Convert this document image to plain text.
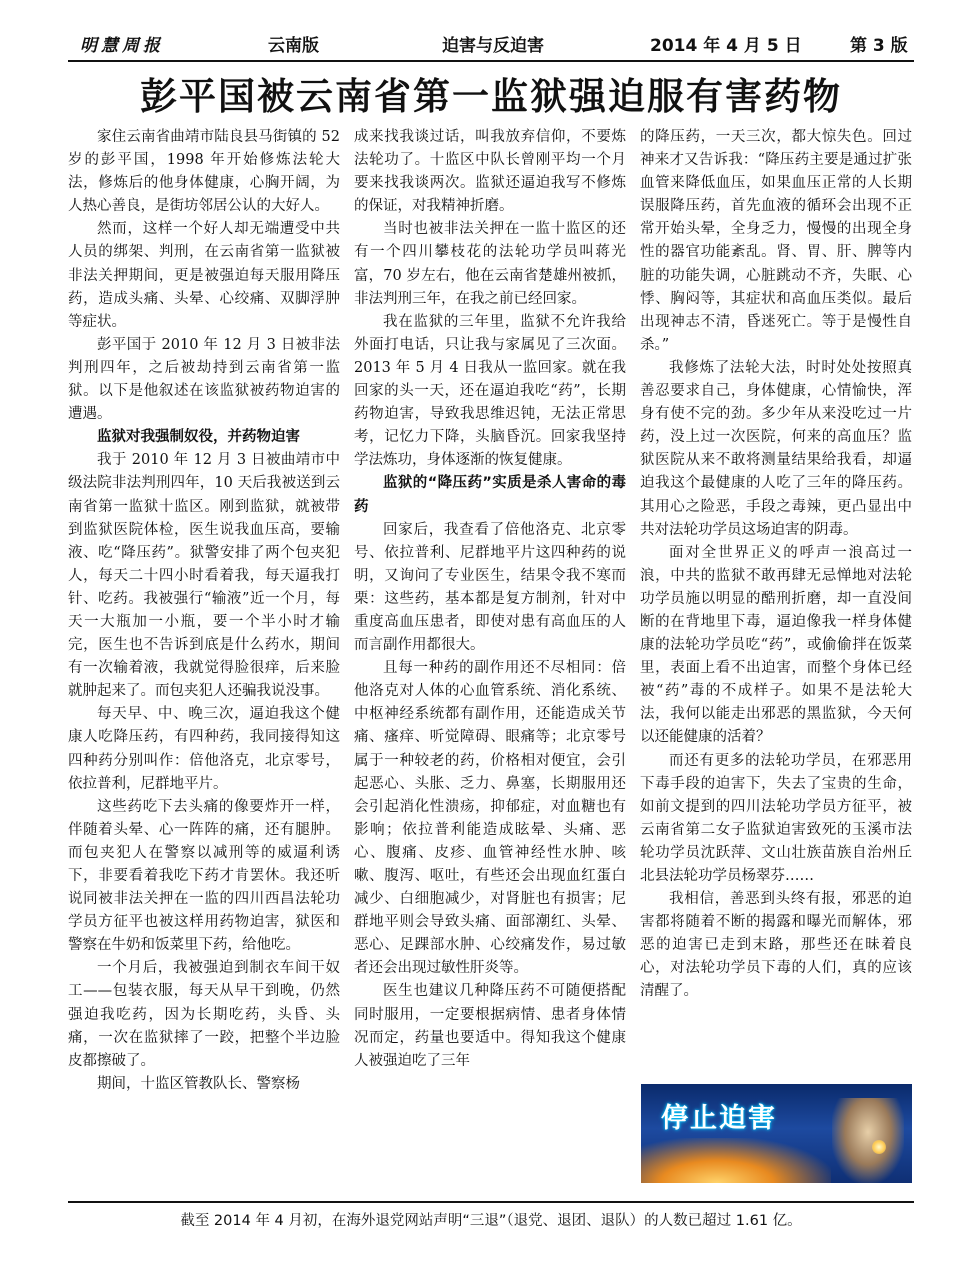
明慧周报	云南版	迫害与反迫害	2014 年 4 月 5 日	第 3 版
彭平国被云南省第一监狱强迫服有害药物

家住云南省曲靖市陆良县马街镇的 52 岁的彭平国，1998 年开始修炼法轮大法，修炼后的他身体健康，心胸开阔，为人热心善良，是街坊邻居公认的大好人。

然而，这样一个好人却无端遭受中共人员的绑架、判刑，在云南省第一监狱被非法关押期间，更是被强迫每天服用降压药，造成头痛、头晕、心绞痛、双脚浮肿等症状。

彭平国于 2010 年 12 月 3 日被非法判刑四年，之后被劫持到云南省第一监狱。以下是他叙述在该监狱被药物迫害的遭遇。

监狱对我强制奴役，并药物迫害

我于 2010 年 12 月 3 日被曲靖市中级法院非法判刑四年，10 天后我被送到云南省第一监狱十监区。刚到监狱，就被带到监狱医院体检，医生说我血压高，要输液、吃“降压药”。狱警安排了两个包夹犯人，每天二十四小时看着我，每天逼我打针、吃药。我被强行“输液”近一个月，每天一大瓶加一小瓶，要一个半小时才输完，医生也不告诉到底是什么药水，期间有一次输着液，我就觉得脸很痒，后来脸就肿起来了。而包夹犯人还骗我说没事。

每天早、中、晚三次，逼迫我这个健康人吃降压药，有四种药，我同接得知这四种药分别叫作：倍他洛克，北京零号，依拉普利，尼群地平片。

这些药吃下去头痛的像要炸开一样，伴随着头晕、心一阵阵的痛，还有腿肿。而包夹犯人在警察以减刑等的威逼利诱下，非要看着我吃下药才肯罢休。我还听说同被非法关押在一监的四川西昌法轮功学员方征平也被这样用药物迫害，狱医和警察在牛奶和饭菜里下药，给他吃。

一个月后，我被强迫到制衣车间干奴工——包装衣服，每天从早干到晚，仍然强迫我吃药，因为长期吃药，头昏、头痛，一次在监狱摔了一跤，把整个半边脸皮都擦破了。

期间，十监区管教队长、警察杨

成来找我谈过话，叫我放弃信仰，不要炼法轮功了。十监区中队长曾刚平均一个月要来找我谈两次。监狱还逼迫我写不修炼的保证，对我精神折磨。

当时也被非法关押在一监十监区的还有一个四川攀枝花的法轮功学员叫蒋光富，70 岁左右，他在云南省楚雄州被抓，非法判刑三年，在我之前已经回家。

我在监狱的三年里，监狱不允许我给外面打电话，只让我与家属见了三次面。2013 年 5 月 4 日我从一监回家。就在我回家的头一天，还在逼迫我吃“药”，长期药物迫害，导致我思维迟钝，无法正常思考，记忆力下降，头脑昏沉。回家我坚持学法炼功，身体逐渐的恢复健康。

监狱的“降压药”实质是杀人害命的毒药

回家后，我查看了倍他洛克、北京零号、依拉普利、尼群地平片这四种药的说明，又询问了专业医生，结果令我不寒而栗：这些药，基本都是复方制剂，针对中重度高血压患者，即使对患有高血压的人而言副作用都很大。

且每一种药的副作用还不尽相同：倍他洛克对人体的心血管系统、消化系统、中枢神经系统都有副作用，还能造成关节痛、瘙痒、听觉障碍、眼痛等；北京零号属于一种较老的药，价格相对便宜，会引起恶心、头胀、乏力、鼻塞，长期服用还会引起消化性溃疡，抑郁症，对血糖也有影响；依拉普利能造成眩晕、头痛、恶心、腹痛、皮疹、血管神经性水肿、咳嗽、腹泻、呕吐，有些还会出现血红蛋白减少、白细胞减少，对肾脏也有损害；尼群地平则会导致头痛、面部潮红、头晕、恶心、足踝部水肿、心绞痛发作，易过敏者还会出现过敏性肝炎等。

医生也建议几种降压药不可随便搭配同时服用，一定要根据病情、患者身体情况而定，药量也要适中。得知我这个健康人被强迫吃了三年

的降压药，一天三次，都大惊失色。回过神来才又告诉我：“降压药主要是通过扩张血管来降低血压，如果血压正常的人长期误服降压药，首先血液的循环会出现不正常开始头晕，全身乏力，慢慢的出现全身性的器官功能紊乱。肾、胃、肝、脾等内脏的功能失调，心脏跳动不齐，失眠、心悸、胸闷等，其症状和高血压类似。最后出现神志不清，昏迷死亡。等于是慢性自杀。”

我修炼了法轮大法，时时处处按照真善忍要求自己，身体健康，心情愉快，浑身有使不完的劲。多少年从来没吃过一片药，没上过一次医院，何来的高血压？监狱医院从来不敢将测量结果给我看，却逼迫我这个最健康的人吃了三年的降压药。其用心之险恶，手段之毒辣，更凸显出中共对法轮功学员这场迫害的阴毒。

面对全世界正义的呼声一浪高过一浪，中共的监狱不敢再肆无忌惮地对法轮功学员施以明显的酷刑折磨，却一直没间断的在背地里下毒，逼迫像我一样身体健康的法轮功学员吃“药”，或偷偷拌在饭菜里，表面上看不出迫害，而整个身体已经被“药”毒的不成样子。如果不是法轮大法，我何以能走出邪恶的黑监狱，今天何以还能健康的活着？

而还有更多的法轮功学员，在邪恶用下毒手段的迫害下，失去了宝贵的生命，如前文提到的四川法轮功学员方征平，被云南省第二女子监狱迫害致死的玉溪市法轮功学员沈跃萍、文山壮族苗族自治州丘北县法轮功学员杨翠芬……

我相信，善恶到头终有报，邪恶的迫害都将随着不断的揭露和曝光而解体，邪恶的迫害已走到末路，那些还在昧着良心，对法轮功学员下毒的人们，真的应该清醒了。

停止迫害
截至 2014 年 4 月初，在海外退党网站声明“三退”（退党、退团、退队）的人数已超过 1.61 亿。
